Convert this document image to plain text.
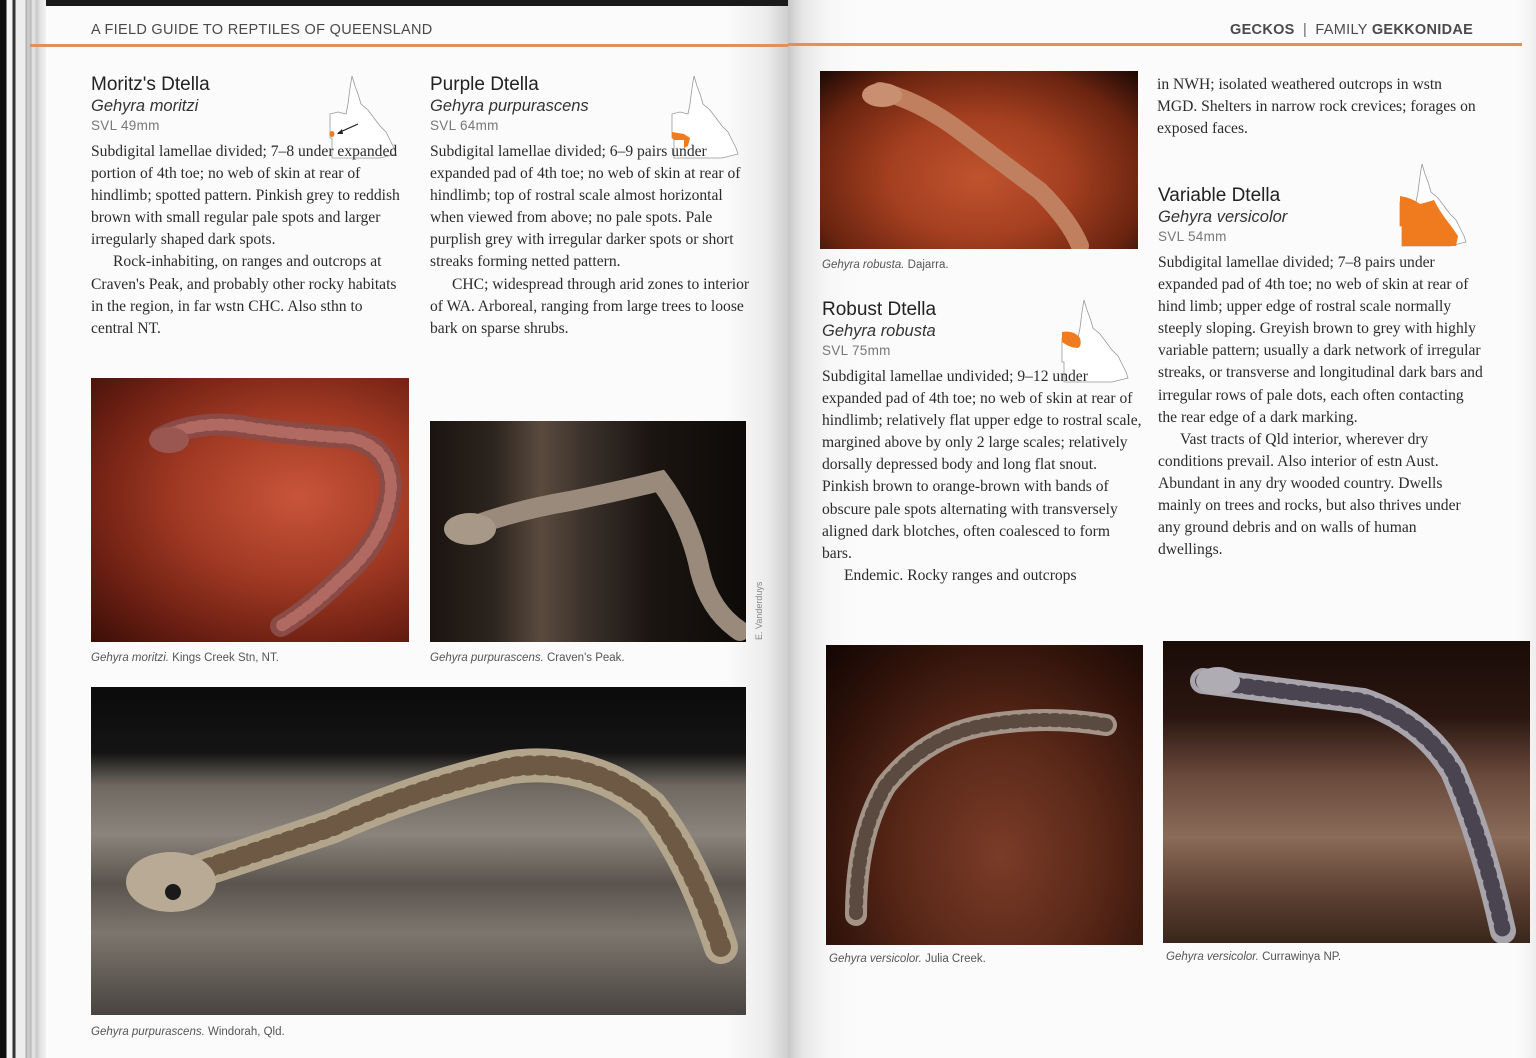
A FIELD GUIDE TO REPTILES OF QUEENSLAND
Moritz's Dtella
Gehyra moritzi
SVL 49mm

Subdigital lamellae divided; 7–8 under expanded portion of 4th toe; no web of skin at rear of hindlimb; spotted pattern. Pinkish grey to reddish brown with small regular pale spots and larger irregularly shaped dark spots.

Rock-inhabiting, on ranges and outcrops at Craven's Peak, and probably other rocky habitats in the region, in far wstn CHC. Also sthn to central NT.

Purple Dtella
Gehyra purpurascens
SVL 64mm

Subdigital lamellae divided; 6–9 pairs under expanded pad of 4th toe; no web of skin at rear of hindlimb; top of rostral scale almost horizontal when viewed from above; no pale spots. Pale purplish grey with irregular darker spots or short streaks forming netted pattern.

CHC; widespread through arid zones to interior of WA. Arboreal, ranging from large trees to loose bark on sparse shrubs.

Gehyra moritzi. Kings Creek Stn, NT.	Gehyra purpurascens. Craven's Peak.
E. Vanderduys
Gehyra purpurascens. Windorah, Qld.
GECKOS | FAMILY GEKKONIDAE
Gehyra robusta. Dajarra.

in NWH; isolated weathered outcrops in wstn MGD. Shelters in narrow rock crevices; forages on exposed faces.

Robust Dtella
Gehyra robusta
SVL 75mm

Subdigital lamellae undivided; 9–12 under expanded pad of 4th toe; no web of skin at rear of hindlimb; relatively flat upper edge to rostral scale, margined above by only 2 large scales; relatively dorsally depressed body and long flat snout. Pinkish brown to orange-brown with bands of obscure pale spots alternating with transversely aligned dark blotches, often coalesced to form bars.

Endemic. Rocky ranges and outcrops

Variable Dtella
Gehyra versicolor
SVL 54mm

Subdigital lamellae divided; 7–8 pairs under expanded pad of 4th toe; no web of skin at rear of hind limb; upper edge of rostral scale normally steeply sloping. Greyish brown to grey with highly variable pattern; usually a dark network of irregular streaks, or transverse and longitudinal dark bars and irregular rows of pale dots, each often contacting the rear edge of a dark marking.

Vast tracts of Qld interior, wherever dry conditions prevail. Also interior of estn Aust. Abundant in any dry wooded country. Dwells mainly on trees and rocks, but also thrives under any ground debris and on walls of human dwellings.

Gehyra versicolor. Julia Creek.	Gehyra versicolor. Currawinya NP.
